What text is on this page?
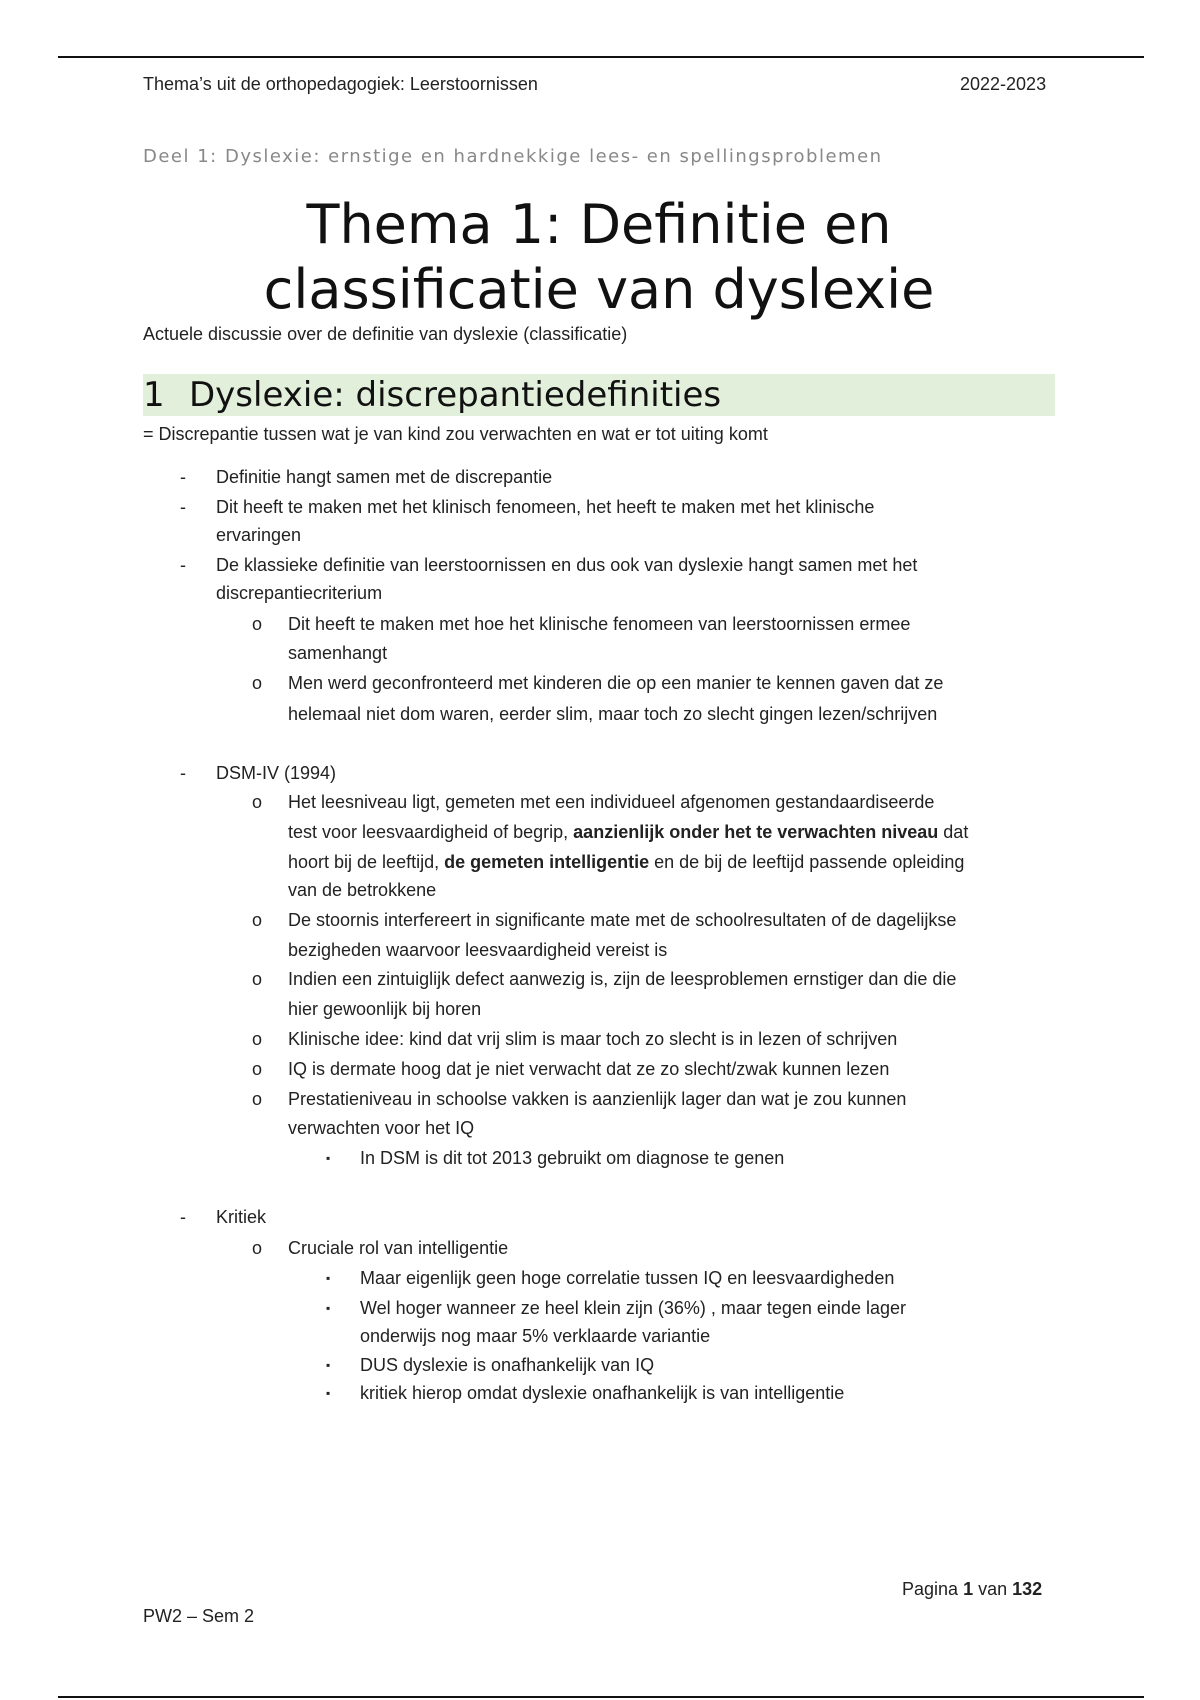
Thema’s uit de orthopedagogiek: Leerstoornissen	2022-2023
Deel 1: Dyslexie: ernstige en hardnekkige lees- en spellingsproblemen
Thema 1: Definitie en
classificatie van dyslexie
Actuele discussie over de definitie van dyslexie (classificatie)
1 Dyslexie: discrepantiedefinities
= Discrepantie tussen wat je van kind zou verwachten en wat er tot uiting komt
- Definitie hangt samen met de discrepantie
- Dit heeft te maken met het klinisch fenomeen, het heeft te maken met het klinische
ervaringen
- De klassieke definitie van leerstoornissen en dus ook van dyslexie hangt samen met het
discrepantiecriterium
o Dit heeft te maken met hoe het klinische fenomeen van leerstoornissen ermee
samenhangt
o Men werd geconfronteerd met kinderen die op een manier te kennen gaven dat ze
helemaal niet dom waren, eerder slim, maar toch zo slecht gingen lezen/schrijven
- DSM-IV (1994)
o Het leesniveau ligt, gemeten met een individueel afgenomen gestandaardiseerde
test voor leesvaardigheid of begrip, aanzienlijk onder het te verwachten niveau dat
hoort bij de leeftijd, de gemeten intelligentie en de bij de leeftijd passende opleiding
van de betrokkene
o De stoornis interfereert in significante mate met de schoolresultaten of de dagelijkse
bezigheden waarvoor leesvaardigheid vereist is
o Indien een zintuiglijk defect aanwezig is, zijn de leesproblemen ernstiger dan die die
hier gewoonlijk bij horen
o Klinische idee: kind dat vrij slim is maar toch zo slecht is in lezen of schrijven
o IQ is dermate hoog dat je niet verwacht dat ze zo slecht/zwak kunnen lezen
o Prestatieniveau in schoolse vakken is aanzienlijk lager dan wat je zou kunnen
verwachten voor het IQ
▪ In DSM is dit tot 2013 gebruikt om diagnose te genen
- Kritiek
o Cruciale rol van intelligentie
▪ Maar eigenlijk geen hoge correlatie tussen IQ en leesvaardigheden
▪ Wel hoger wanneer ze heel klein zijn (36%) , maar tegen einde lager
onderwijs nog maar 5% verklaarde variantie
▪ DUS dyslexie is onafhankelijk van IQ
▪ kritiek hierop omdat dyslexie onafhankelijk is van intelligentie
Pagina 1 van 132
PW2 – Sem 2
